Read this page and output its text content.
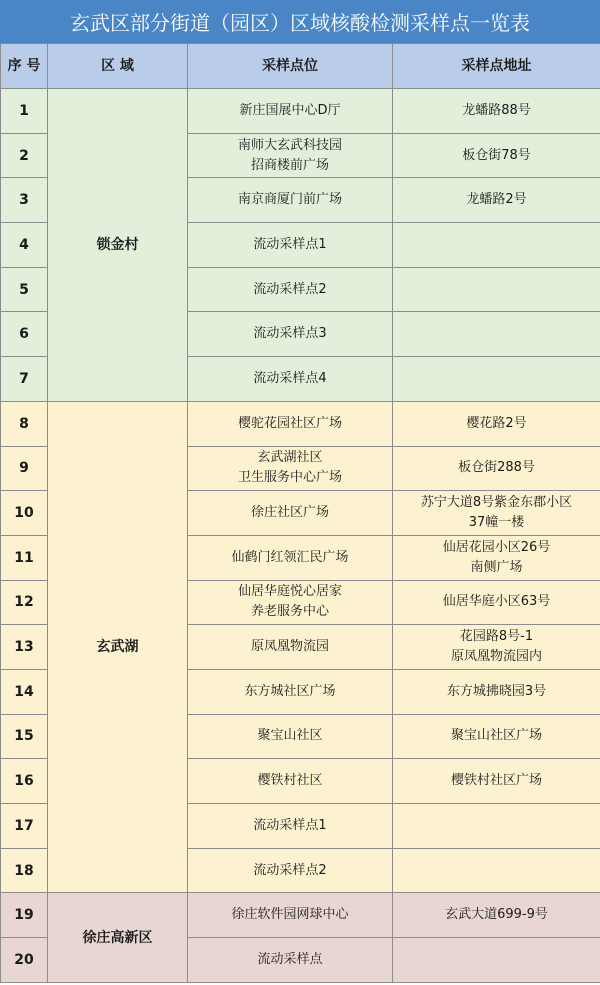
玄武区部分街道（园区）区域核酸检测采样点一览表
序 号	区 域	采样点位	采样点地址
1	锁金村	新庄国展中心D厅	龙蟠路88号

2		南师大玄武科技园
招商楼前广场	板仓街78号

3		南京商厦门前广场	龙蟠路2号

4		流动采样点1	

5		流动采样点2	

6		流动采样点3	

7		流动采样点4	

8	玄武湖	樱驼花园社区广场	樱花路2号

9		玄武湖社区
卫生服务中心广场	板仓街288号

10		徐庄社区广场	苏宁大道8号紫金东郡小区
37幢一楼

11		仙鹤门红领汇民广场	仙居花园小区26号
南侧广场

12		仙居华庭悦心居家
养老服务中心	仙居华庭小区63号

13		原凤凰物流园	花园路8号-1
原凤凰物流园内

14		东方城社区广场	东方城拂晓园3号

15		聚宝山社区	聚宝山社区广场

16		樱铁村社区	樱铁村社区广场

17		流动采样点1	

18		流动采样点2	

19	徐庄高新区	徐庄软件园网球中心	玄武大道699-9号

20		流动采样点	
